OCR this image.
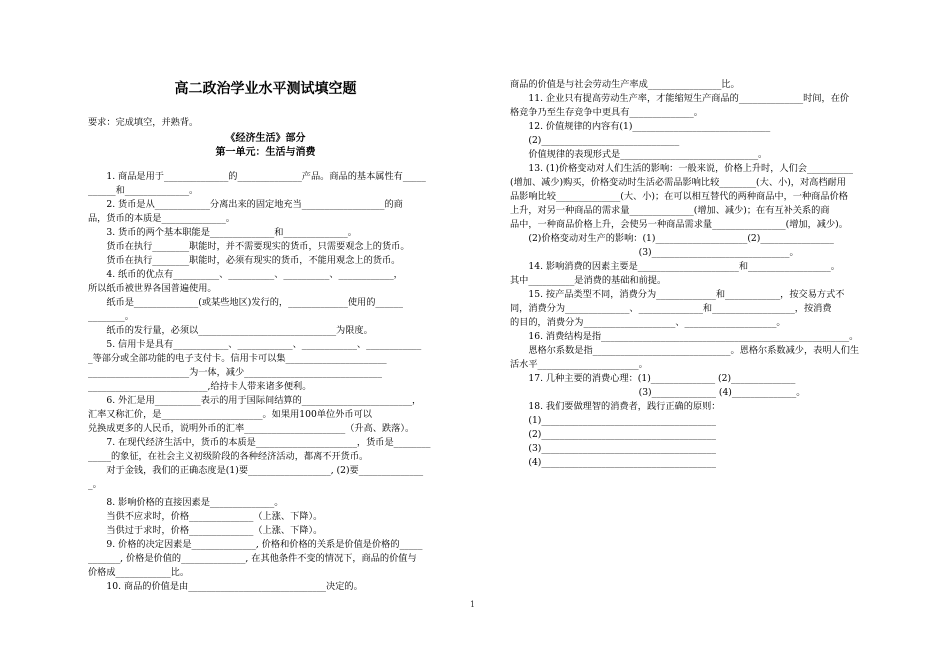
高二政治学业水平测试填空题
要求：完成填空，并熟背。
《经济生活》部分
第一单元：生活与消费
　　1. 商品是用于______________的______________产品。商品的基本属性有_____
______和______________。
　　2. 货币是从____________分离出来的固定地充当__________________的商
品，货币的本质是______________。
　　3. 货币的两个基本职能是______________和______________。
　　货币在执行________职能时，并不需要现实的货币，只需要观念上的货币。
　　货币在执行________职能时，必须有现实的货币，不能用观念上的货币。
　　4. 纸币的优点有__________、__________、__________、____________，
所以纸币被世界各国普遍使用。
　　纸币是______________(或某些地区)发行的，_____________使用的______
________。
　　纸币的发行量，必须以______________________________为限度。
　　5. 信用卡是具有____________、____________、____________、____________
_等部分或全部功能的电子支付卡。信用卡可以集______________________
______________________为一体，减少______________________________
__________________________,给持卡人带来诸多便利。
　　6. 外汇是用__________表示的用于国际间结算的________________________，
汇率又称汇价，是______________________。如果用100单位外币可以
兑换成更多的人民币，说明外币的汇率______________________（升高、跌落）。
　　7. 在现代经济生活中，货币的本质是______________________，货币是________
_____的象征，在社会主义初级阶段的各种经济活动，都离不开货币。
　　对于金钱，我们的正确态度是(1)要__________________, (2)要______________
_。
　　8. 影响价格的直接因素是______________。
　　当供不应求时，价格______________（上涨、下降）。
　　当供过于求时，价格______________（上涨、下降）。
　　9. 价格的决定因素是______________, 价格和价格的关系是价值是价格的_____
_______, 价格是价值的______________, 在其他条件不变的情况下，商品的价值与
价格成____________比。
　　10. 商品的价值是由______________________________决定的。
商品的价值是与社会劳动生产率成________________比。
　　11. 企业只有提高劳动生产率，才能缩短生产商品的______________时间，在价
格竞争乃至生存竞争中更具有______________。
　　12. 价值规律的内容有(1)______________________________
　　(2)______________________________
　　价值规律的表现形式是______________________________。
　　13. (1)价格变动对人们生活的影响：一般来说，价格上升时，人们会__________
(增加、减少)购买，价格变动时生活必需品影响比较________(大、小)，对高档耐用
品影响比较______________(大、小)；在可以相互替代的两种商品中，一种商品价格
上升，对另一种商品的需求量______________(增加、减少)；在有互补关系的商
品中，一种商品价格上升，会使另一种商品需求量________________(增加，减少)。
　　(2)价格变动对生产的影响：(1)____________________(2)________________
　　　　　　　　　　　　　　(3)______________________________。
　　14. 影响消费的因素主要是______________________和__________________。
其中__________是消费的基础和前提。
　　15. 按产品类型不同，消费分为_____________和____________，按交易方式不
同，消费分为______________、______________和__________________，按消费
的目的，消费分为____________________、____________________。
　　16. 消费结构是指______________________________________________________。
　　恩格尔系数是指______________________________。恩格尔系数减少，表明人们生
活水平______________________。
　　17. 几种主要的消费心理：(1)______________ (2)______________
　　　　　　　　　　　　　　(3)______________ (4)______________。
　　18. 我们要做理智的消费者，践行正确的原则：
　　(1)______________________________________
　　(2)______________________________________
　　(3)______________________________________
　　(4)______________________________________
1
